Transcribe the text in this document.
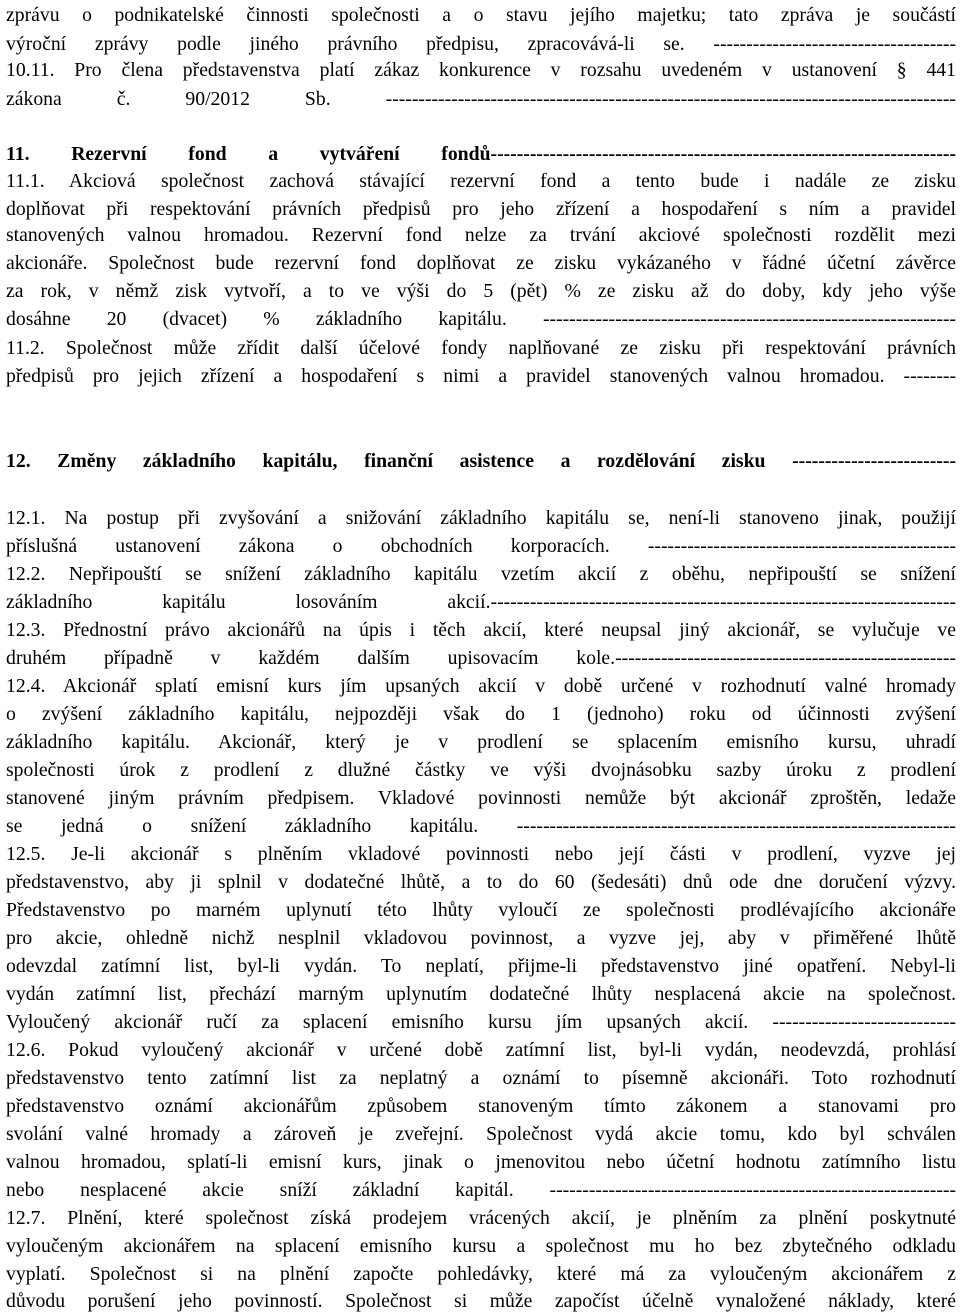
zprávu o podnikatelské činnosti společnosti a o stavu jejího majetku; tato zpráva je součástí
výroční zprávy podle jiného právního předpisu, zpracovává-li se. -------------------------------------
10.11. Pro člena představenstva platí zákaz konkurence v rozsahu uvedeném v ustanovení § 441
zákona č. 90/2012 Sb. ---------------------------------------------------------------------------------------
11. Rezervní fond a vytváření fondů-----------------------------------------------------------------------
11.1. Akciová společnost zachová stávající rezervní fond a tento bude i nadále ze zisku
doplňovat při respektování právních předpisů pro jeho zřízení a hospodaření s ním a pravidel
stanovených valnou hromadou. Rezervní fond nelze za trvání akciové společnosti rozdělit mezi
akcionáře. Společnost bude rezervní fond doplňovat ze zisku vykázaného v řádné účetní závěrce
za rok, v němž zisk vytvoří, a to ve výši do 5 (pět) % ze zisku až do doby, kdy jeho výše
dosáhne 20 (dvacet) % základního kapitálu. ---------------------------------------------------------------
11.2. Společnost může zřídit další účelové fondy naplňované ze zisku při respektování právních
předpisů pro jejich zřízení a hospodaření s nimi a pravidel stanovených valnou hromadou. --------
12. Změny základního kapitálu, finanční asistence a rozdělování zisku -------------------------
12.1. Na postup při zvyšování a snižování základního kapitálu se, není-li stanoveno jinak, použijí
příslušná ustanovení zákona o obchodních korporacích. -----------------------------------------------
12.2. Nepřipouští se snížení základního kapitálu vzetím akcií z oběhu, nepřipouští se snížení
základního kapitálu losováním akcií.-----------------------------------------------------------------------
12.3. Přednostní právo akcionářů na úpis i těch akcií, které neupsal jiný akcionář, se vylučuje ve
druhém případně v každém dalším upisovacím kole.----------------------------------------------------
12.4. Akcionář splatí emisní kurs jím upsaných akcií v době určené v rozhodnutí valné hromady
o zvýšení základního kapitálu, nejpozději však do 1 (jednoho) roku od účinnosti zvýšení
základního kapitálu. Akcionář, který je v prodlení se splacením emisního kursu, uhradí
společnosti úrok z prodlení z dlužné částky ve výši dvojnásobku sazby úroku z prodlení
stanovené jiným právním předpisem. Vkladové povinnosti nemůže být akcionář zproštěn, ledaže
se jedná o snížení základního kapitálu. -------------------------------------------------------------------
12.5. Je-li akcionář s plněním vkladové povinnosti nebo její části v prodlení, vyzve jej
představenstvo, aby ji splnil v dodatečné lhůtě, a to do 60 (šedesáti) dnů ode dne doručení výzvy.
Představenstvo po marném uplynutí této lhůty vyloučí ze společnosti prodlévajícího akcionáře
pro akcie, ohledně nichž nesplnil vkladovou povinnost, a vyzve jej, aby v přiměřené lhůtě
odevzdal zatímní list, byl-li vydán. To neplatí, přijme-li představenstvo jiné opatření. Nebyl-li
vydán zatímní list, přechází marným uplynutím dodatečné lhůty nesplacená akcie na společnost.
Vyloučený akcionář ručí za splacení emisního kursu jím upsaných akcií. ----------------------------
12.6. Pokud vyloučený akcionář v určené době zatímní list, byl-li vydán, neodevzdá, prohlásí
představenstvo tento zatímní list za neplatný a oznámí to písemně akcionáři. Toto rozhodnutí
představenstvo oznámí akcionářům způsobem stanoveným tímto zákonem a stanovami pro
svolání valné hromady a zároveň je zveřejní. Společnost vydá akcie tomu, kdo byl schválen
valnou hromadou, splatí-li emisní kurs, jinak o jmenovitou nebo účetní hodnotu zatímního listu
nebo nesplacené akcie sníží základní kapitál. --------------------------------------------------------------
12.7. Plnění, které společnost získá prodejem vrácených akcií, je plněním za plnění poskytnuté
vyloučeným akcionářem na splacení emisního kursu a společnost mu ho bez zbytečného odkladu
vyplatí. Společnost si na plnění započte pohledávky, které má za vyloučeným akcionářem z
důvodu porušení jeho povinností. Společnost si může započíst účelně vynaložené náklady, které
